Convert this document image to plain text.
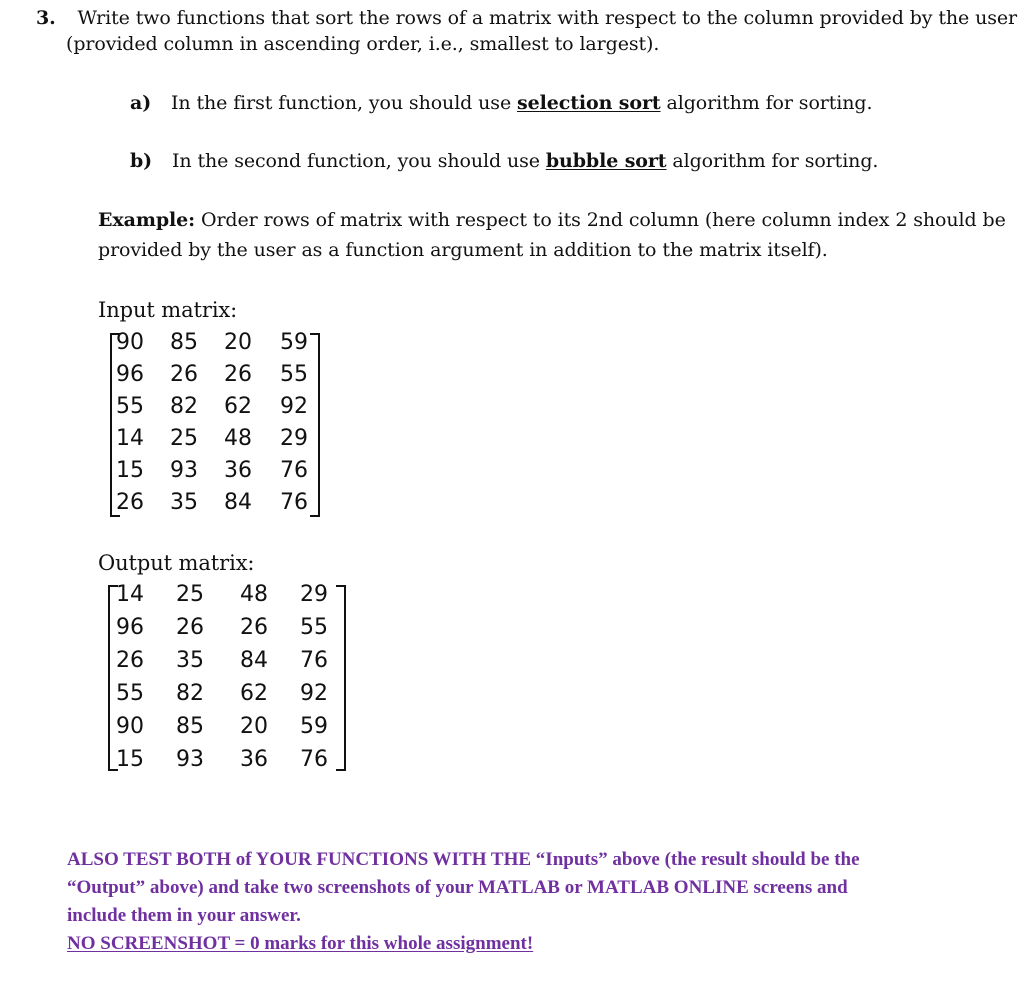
3. Write two functions that sort the rows of a matrix with respect to the column provided by the user
(provided column in ascending order, i.e., smallest to largest).
a) In the first function, you should use selection sort algorithm for sorting.
b) In the second function, you should use bubble sort algorithm for sorting.
Example: Order rows of matrix with respect to its 2nd column (here column index 2 should be
provided by the user as a function argument in addition to the matrix itself).
Input matrix:
90 85 20 59
96 26 26 55
55 82 62 92
14 25 48 29
15 93 36 76
26 35 84 76
Output matrix:
14 25 48 29
96 26 26 55
26 35 84 76
55 82 62 92
90 85 20 59
15 93 36 76
ALSO TEST BOTH of YOUR FUNCTIONS WITH THE “Inputs” above (the result should be the
“Output” above) and take two screenshots of your MATLAB or MATLAB ONLINE screens and
include them in your answer.
NO SCREENSHOT = 0 marks for this whole assignment!
